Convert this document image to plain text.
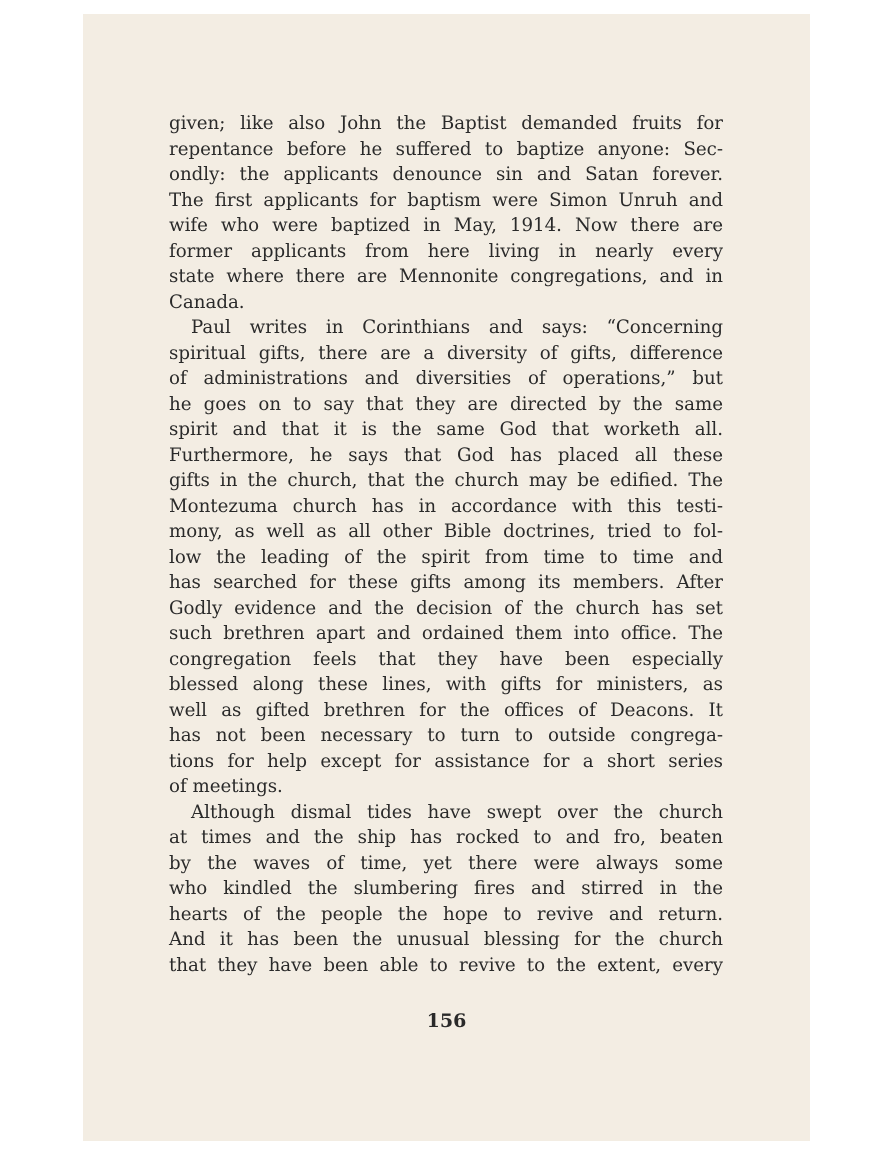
given; like also John the Baptist demanded fruits for
repentance before he suffered to baptize anyone: Sec-
ondly: the applicants denounce sin and Satan forever.
The first applicants for baptism were Simon Unruh and
wife who were baptized in May, 1914. Now there are
former applicants from here living in nearly every
state where there are Mennonite congregations, and in
Canada.
Paul writes in Corinthians and says: “Concerning
spiritual gifts, there are a diversity of gifts, difference
of administrations and diversities of operations,” but
he goes on to say that they are directed by the same
spirit and that it is the same God that worketh all.
Furthermore, he says that God has placed all these
gifts in the church, that the church may be edified. The
Montezuma church has in accordance with this testi-
mony, as well as all other Bible doctrines, tried to fol-
low the leading of the spirit from time to time and
has searched for these gifts among its members. After
Godly evidence and the decision of the church has set
such brethren apart and ordained them into office. The
congregation feels that they have been especially
blessed along these lines, with gifts for ministers, as
well as gifted brethren for the offices of Deacons. It
has not been necessary to turn to outside congrega-
tions for help except for assistance for a short series
of meetings.
Although dismal tides have swept over the church
at times and the ship has rocked to and fro, beaten
by the waves of time, yet there were always some
who kindled the slumbering fires and stirred in the
hearts of the people the hope to revive and return.
And it has been the unusual blessing for the church
that they have been able to revive to the extent, every
156
